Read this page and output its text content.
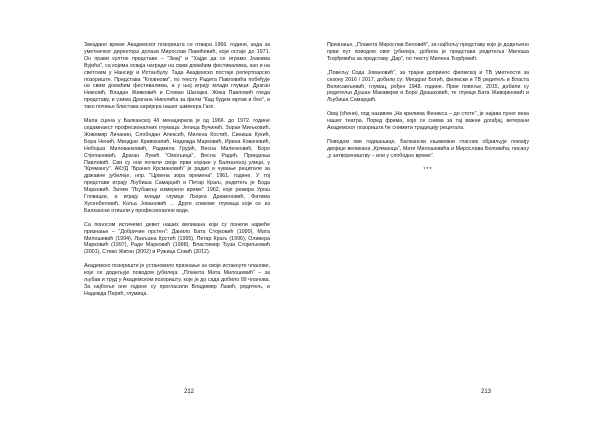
Звездано време Академског позоришта се отвара 1966. године, када за уметничког директора долази Мирослав Павићевић, који остаје до 1971. Он прави култне представе – "Змај" и "Хајде да се играмо Јоакима Вујића", са којима осваја награде на свим домаћим фестивалима, као и на светским у Нансију и Истанбулу. Тада Академско постаје репертоарско позориште. Представа "Кловнови", по тексту Радета Павловића побеђује на свим домаћим фестивалима, а у њој играју млади глумци: Драган Николић, Владан Живковић и Стеван Шалајка. Жика Павловић гледа представу, и узима Драгана Николића за филм "Кад будем мртав и бео", и тако почиње блистава каријера нашег шмекера Гаге.

Мала сцена у Балканској 4/I менаџирала је од 1966. до 1972. године седамнаест професионалних глумаца: Јелица Вучинић, Зоран Миљковић, Живомир Личанин, Слободан Алексић, Милена Костић, Синиша Кукић, Бора Ненић, Миодраг Кривокапић, Надежда Марковић, Ирина Ковачевић, Небојша Милованковић, Радмила Грујић, Весна Миленковић, Боро Стјепановић, Драган Лукић "Омољица", Весна Радић, Приндоња Павловић. Сви су они почели своје први кораке у Балканској улици, у "Крчмангу". АКУД "Бранко Крсмановић" је радио и чување рецитале за државне јубилеје, нпр. "Црвена зора времена" 1961. године. У тој представи играју Љубиша Самарџић и Петар Краљ, редитељ је Бода Марковић. Затим "Љубављу измерено време" 1962, које режира Урош Гловацки, а играју млади глумци Љерка Драженовић, Фатима Хусенбеговић, Коља Јовановић ... Друге спикове глумаца који се из Балканске отишли у професионалне воде.

Са поносом истичемо девет наших великана који су понели највеће признање – "Добричин прстен": Данило Бата Стојковић (1990), Мата Милошевић (1994), Љиљана Крстић (1995), Петар Краљ (1996), Оливера Марковић (1997), Раде Марковић (1998), Властимир Ђуза Стојиљковић (2001), Стево Жигон (2002) и Ружица Сокић (2012).

Академско позориште је установило признање за своје истакнуте чланове, које се додељује поводом јубилеја: „Плакета Мата Милошевић" – за љубав и труд у Академском позоришту, које је до сада добило 99 чланова. За најбоље оне године су прогласили Владимир Лазић, редитељ, и Надежда Перић, глумица.

212

Признање, „Плакета Мирослав Беловић", за најбољу представу које је додељено први пут поводом овог јубилеја, добила је представа редитеља Милоша Ђорђевића за представу „Дар", по тексту Милена Ђорђевић.

„Повељу Сода Јовановић", за трајни допринос филмској и ТВ уметности за сезону 2016 / 2017, добили су: Миодраг Богић, филмски и ТВ редитељ и Власта Велисављевић, глумац, рођен 1948. године. Прве повеље, 2015, добили су редитељи Душан Макавејев и Боро Драшковић, те глумци Бата Живојиновић и Љубиша Самарџић.

Овај (сћени), под називом „На крилима Феникса – до стоте", је најава пуног века нашег театра. Поред фрима, које се снима за тај важни догађај, ветерани Академског позоришта ће снимити традицију рецитала.

Поводом ове годишњице, Балкански књижевни гласник објављује поезију двојице великана „Крчманца", Мате Милошевића и Мирослава Беловића, писану „у затвореништву – или у слободно време".

***

213
